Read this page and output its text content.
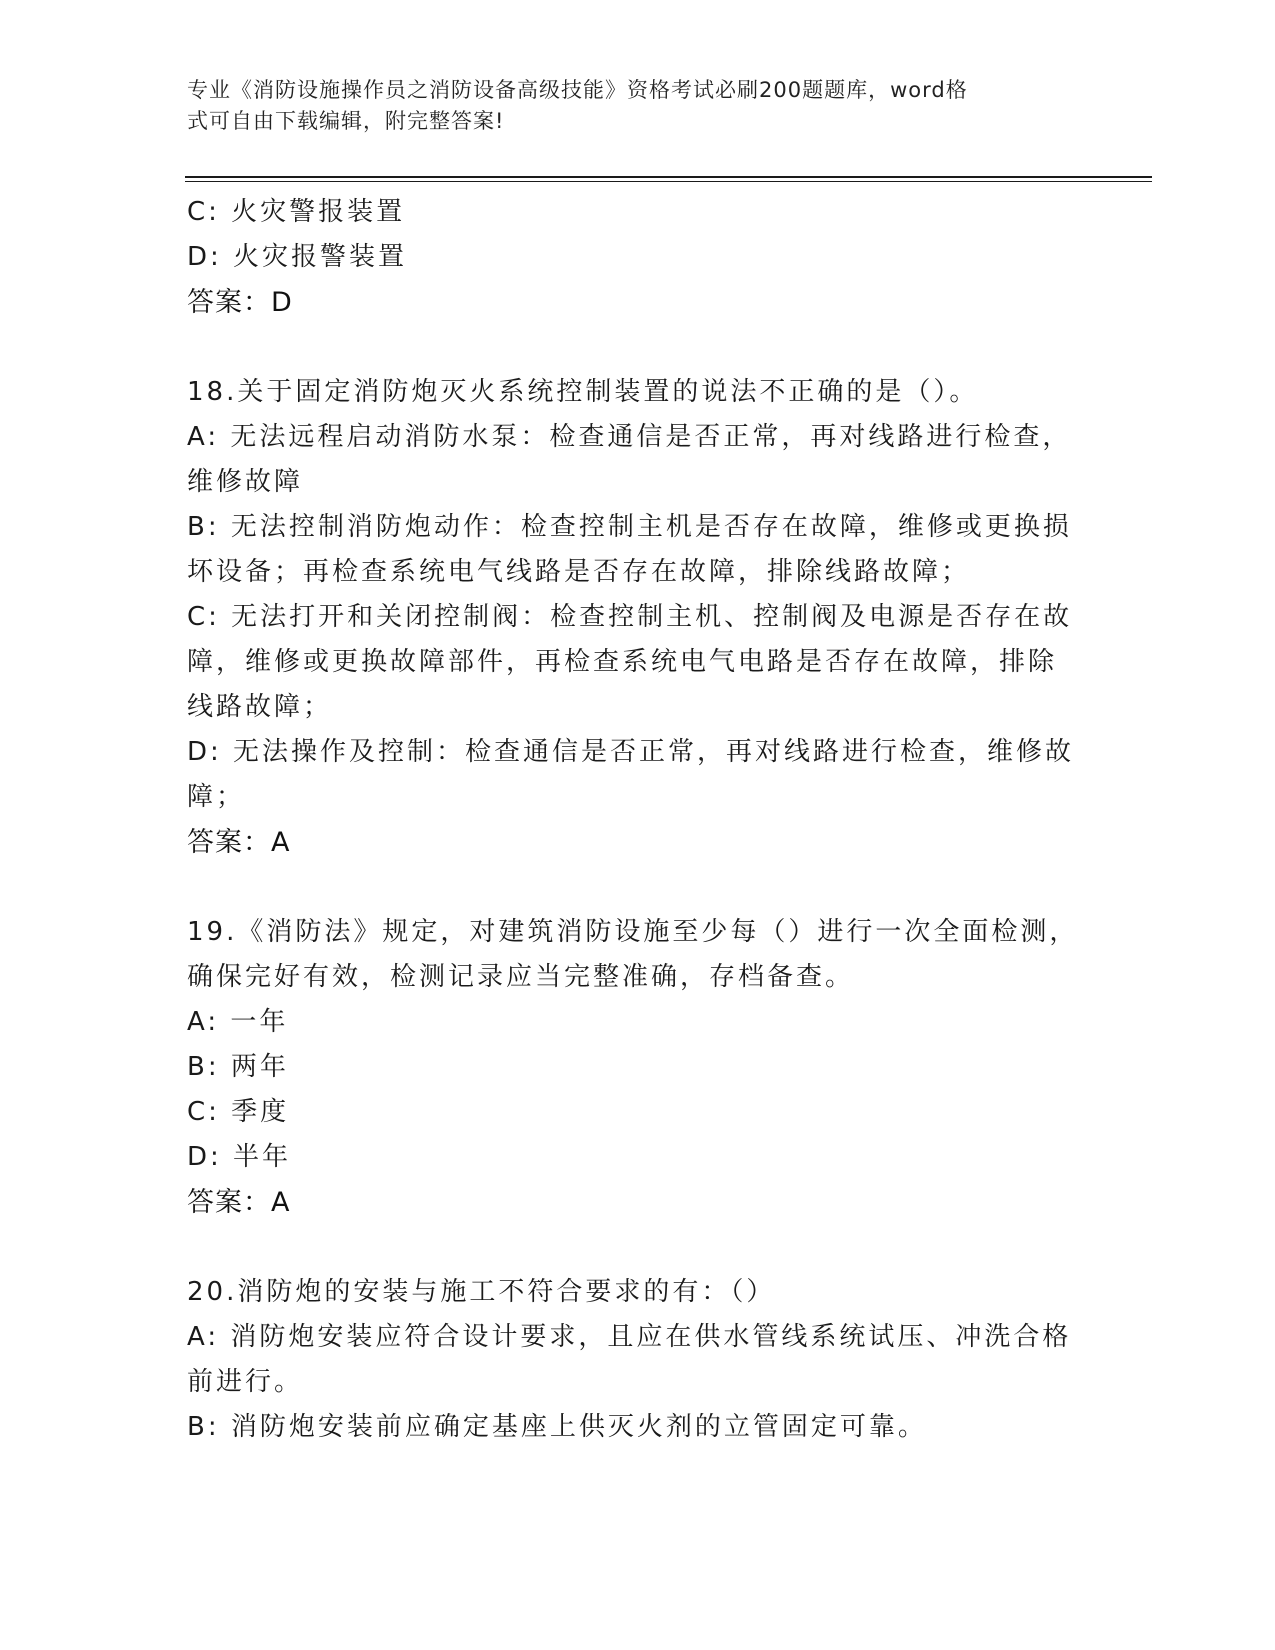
专业《消防设施操作员之消防设备高级技能》资格考试必刷200题题库，word格
式可自由下载编辑，附完整答案!
C: 火灾警报装置
D: 火灾报警装置
答案：D
18.关于固定消防炮灭火系统控制装置的说法不正确的是（）。
A: 无法远程启动消防水泵：检查通信是否正常，再对线路进行检查，
维修故障
B: 无法控制消防炮动作：检查控制主机是否存在故障，维修或更换损
坏设备；再检查系统电气线路是否存在故障，排除线路故障；
C: 无法打开和关闭控制阀：检查控制主机、控制阀及电源是否存在故
障，维修或更换故障部件，再检查系统电气电路是否存在故障，排除
线路故障；
D: 无法操作及控制：检查通信是否正常，再对线路进行检查，维修故
障；
答案：A
19.《消防法》规定，对建筑消防设施至少每（）进行一次全面检测，
确保完好有效，检测记录应当完整准确，存档备查。
A: 一年
B: 两年
C: 季度
D: 半年
答案：A
20.消防炮的安装与施工不符合要求的有：（）
A: 消防炮安装应符合设计要求，且应在供水管线系统试压、冲洗合格
前进行。
B: 消防炮安装前应确定基座上供灭火剂的立管固定可靠。
